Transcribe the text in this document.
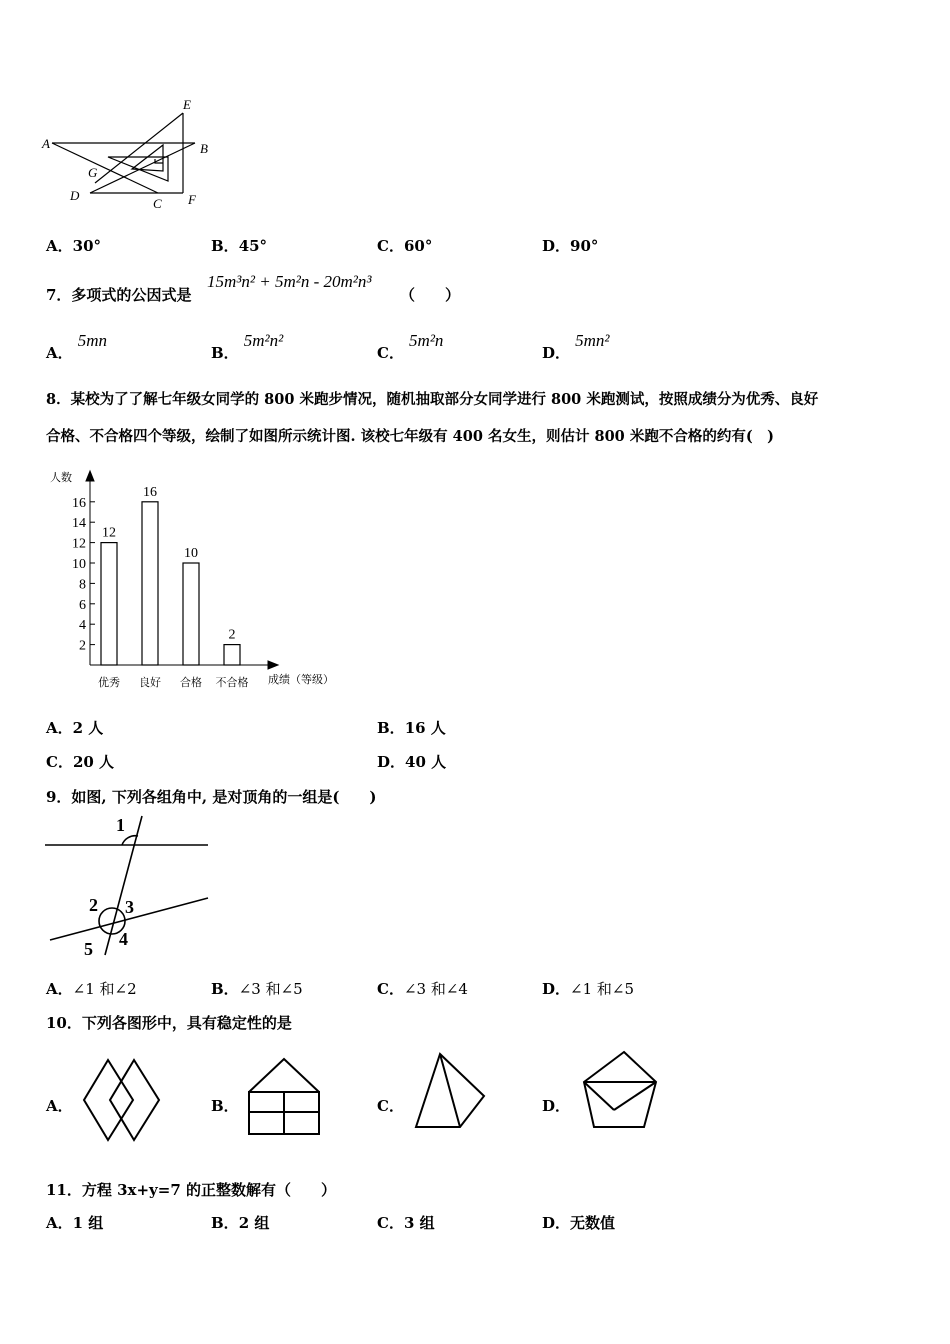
E
A	B
G
D
C F
A．30°	B．45°	C．60°	D．90°
7．多项式的公因式是
15m³n² + 5m²n - 20m²n³
（　　）
A． 5mn
B． 5m²n²
C． 5m²n
D． 5mn²
8．某校为了了解七年级女同学的 800 米跑步情况，随机抽取部分女同学进行 800 米跑测试，按照成绩分为优秀、良好
合格、不合格四个等级，绘制了如图所示统计图. 该校七年级有 400 名女生，则估计 800 米跑不合格的约有(　)
人数
成绩（等级）
2
4
6
8
10
12
14
16
12
优秀
16
良好
10
合格
2
不合格
A．2 人	B．16 人
C．20 人	D．40 人
9．如图, 下列各组角中, 是对顶角的一组是(　　)
1
2 3
4
5
A．∠1 和∠2	B．∠3 和∠5	C．∠3 和∠4	D．∠1 和∠5
10．下列各图形中，具有稳定性的是
A．	B．	C．	D．
11．方程 3x+y=7 的正整数解有（　　）
A．1 组	B．2 组	C．3 组	D．无数值
